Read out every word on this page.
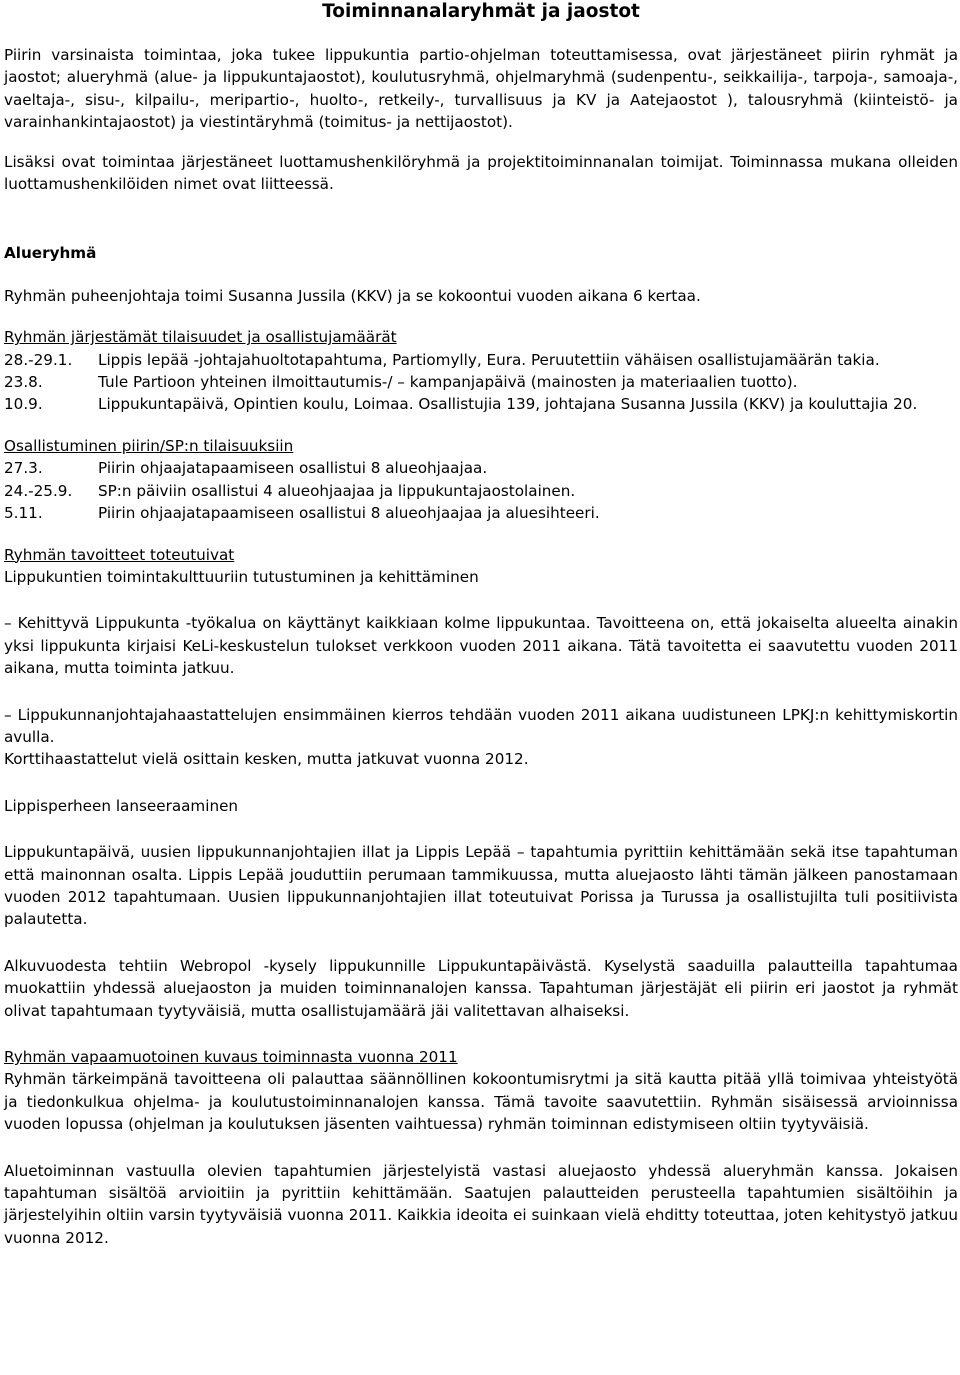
Toiminnanalaryhmät ja jaostot

Piirin varsinaista toimintaa, joka tukee lippukuntia partio-ohjelman toteuttamisessa, ovat järjestäneet piirin ryhmät ja jaostot; alueryhmä (alue- ja lippukuntajaostot), koulutusryhmä, ohjelmaryhmä (sudenpentu-, seikkailija-, tarpoja-, samoaja-, vaeltaja-, sisu-, kilpailu-, meripartio-, huolto-, retkeily-, turvallisuus ja KV ja Aatejaostot ), talousryhmä (kiinteistö- ja varainhankintajaostot) ja viestintäryhmä (toimitus- ja nettijaostot).

Lisäksi ovat toimintaa järjestäneet luottamushenkilöryhmä ja projektitoiminnanalan toimijat. Toiminnassa mukana olleiden luottamushenkilöiden nimet ovat liitteessä.

Alueryhmä

Ryhmän puheenjohtaja toimi Susanna Jussila (KKV) ja se kokoontui vuoden aikana 6 kertaa.

Ryhmän järjestämät tilaisuudet ja osallistujamäärät

28.-29.1.	Lippis lepää -johtajahuoltotapahtuma, Partiomylly, Eura. Peruutettiin vähäisen osallistujamäärän takia.
23.8.	Tule Partioon yhteinen ilmoittautumis-/ – kampanjapäivä (mainosten ja materiaalien tuotto).
10.9.	Lippukuntapäivä, Opintien koulu, Loimaa. Osallistujia 139, johtajana Susanna Jussila (KKV) ja kouluttajia 20.

Osallistuminen piirin/SP:n tilaisuuksiin

27.3.	Piirin ohjaajatapaamiseen osallistui 8 alueohjaajaa.
24.-25.9.	SP:n päiviin osallistui 4 alueohjaajaa ja lippukuntajaostolainen.
5.11.	Piirin ohjaajatapaamiseen osallistui 8 alueohjaajaa ja aluesihteeri.

Ryhmän tavoitteet toteutuivat

Lippukuntien toimintakulttuuriin tutustuminen ja kehittäminen

– Kehittyvä Lippukunta -työkalua on käyttänyt kaikkiaan kolme lippukuntaa. Tavoitteena on, että jokaiselta alueelta ainakin yksi lippukunta kirjaisi KeLi-keskustelun tulokset verkkoon vuoden 2011 aikana. Tätä tavoitetta ei saavutettu vuoden 2011 aikana, mutta toiminta jatkuu.

– Lippukunnanjohtajahaastattelujen ensimmäinen kierros tehdään vuoden 2011 aikana uudistuneen LPKJ:n kehittymiskortin avulla.

Korttihaastattelut vielä osittain kesken, mutta jatkuvat vuonna 2012.

Lippisperheen lanseeraaminen

Lippukuntapäivä, uusien lippukunnanjohtajien illat ja Lippis Lepää – tapahtumia pyrittiin kehittämään sekä itse tapahtuman että mainonnan osalta. Lippis Lepää jouduttiin perumaan tammikuussa, mutta aluejaosto lähti tämän jälkeen panostamaan vuoden 2012 tapahtumaan. Uusien lippukunnanjohtajien illat toteutuivat Porissa ja Turussa ja osallistujilta tuli positiivista palautetta.

Alkuvuodesta tehtiin Webropol -kysely lippukunnille Lippukuntapäivästä. Kyselystä saaduilla palautteilla tapahtumaa muokattiin yhdessä aluejaoston ja muiden toiminnanalojen kanssa. Tapahtuman järjestäjät eli piirin eri jaostot ja ryhmät olivat tapahtumaan tyytyväisiä, mutta osallistujamäärä jäi valitettavan alhaiseksi.

Ryhmän vapaamuotoinen kuvaus toiminnasta vuonna 2011

Ryhmän tärkeimpänä tavoitteena oli palauttaa säännöllinen kokoontumisrytmi ja sitä kautta pitää yllä toimivaa yhteistyötä ja tiedonkulkua ohjelma- ja koulutustoiminnanalojen kanssa. Tämä tavoite saavutettiin. Ryhmän sisäisessä arvioinnissa vuoden lopussa (ohjelman ja koulutuksen jäsenten vaihtuessa) ryhmän toiminnan edistymiseen oltiin tyytyväisiä.

Aluetoiminnan vastuulla olevien tapahtumien järjestelyistä vastasi aluejaosto yhdessä alueryhmän kanssa. Jokaisen tapahtuman sisältöä arvioitiin ja pyrittiin kehittämään. Saatujen palautteiden perusteella tapahtumien sisältöihin ja järjestelyihin oltiin varsin tyytyväisiä vuonna 2011. Kaikkia ideoita ei suinkaan vielä ehditty toteuttaa, joten kehitystyö jatkuu vuonna 2012.
